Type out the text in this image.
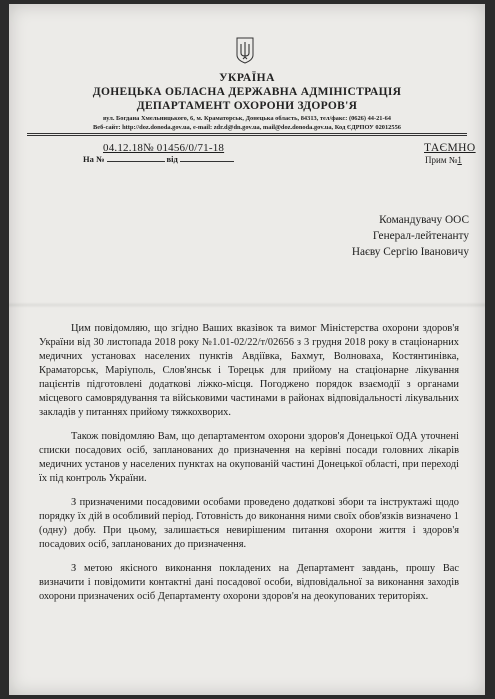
УКРАЇНА
ДОНЕЦЬКА ОБЛАСНА ДЕРЖАВНА АДМІНІСТРАЦІЯ
ДЕПАРТАМЕНТ ОХОРОНИ ЗДОРОВ'Я
вул. Богдана Хмельницького, 6, м. Краматорськ, Донецька область, 84313, тел/факс: (0626) 44-21-64
Веб-сайт: http://doz.donoda.gov.ua, e-mail: zdr.d@dn.gov.ua, mail@doz.donoda.gov.ua, Код ЄДРПОУ 02012556
04.12.18№ 01456/0/71-18
На №	від
ТАЄМНО
Прим №1
Командувачу ООС
Генерал-лейтенанту
Наєву Сергію Івановичу

Цим повідомляю, що згідно Ваших вказівок та вимог Міністерства охорони здоров'я України від 30 листопада 2018 року №1.01-02/22/т/02656 з 3 грудня 2018 року в стаціонарних медичних установах населених пунктів Авдіївка, Бахмут, Волноваха, Костянтинівка, Краматорськ, Маріуполь, Слов'янськ і Торецьк для прийому на стаціонарне лікування пацієнтів підготовлені додаткові ліжко-місця. Погоджено порядок взаємодії з органами місцевого самоврядування та військовими частинами в районах відповідальності лікувальних закладів у питаннях прийому тяжкохворих.

Також повідомляю Вам, що департаментом охорони здоров'я Донецької ОДА уточнені списки посадових осіб, запланованих до призначення на керівні посади головних лікарів медичних установ у населених пунктах на окупованій частині Донецької області, при переході їх під контроль України.

З призначеними посадовими особами проведено додаткові збори та інструктажі щодо порядку їх дій в особливий період. Готовність до виконання ними своїх обов'язків визначено 1 (одну) добу. При цьому, залишається невирішеним питання охорони життя і здоров'я посадових осіб, запланованих до призначення.

З метою якісного виконання покладених на Департамент завдань, прошу Вас визначити і повідомити контактні дані посадової особи, відповідальної за виконання заходів охорони призначених осіб Департаменту охорони здоров'я на деокупованих територіях.
